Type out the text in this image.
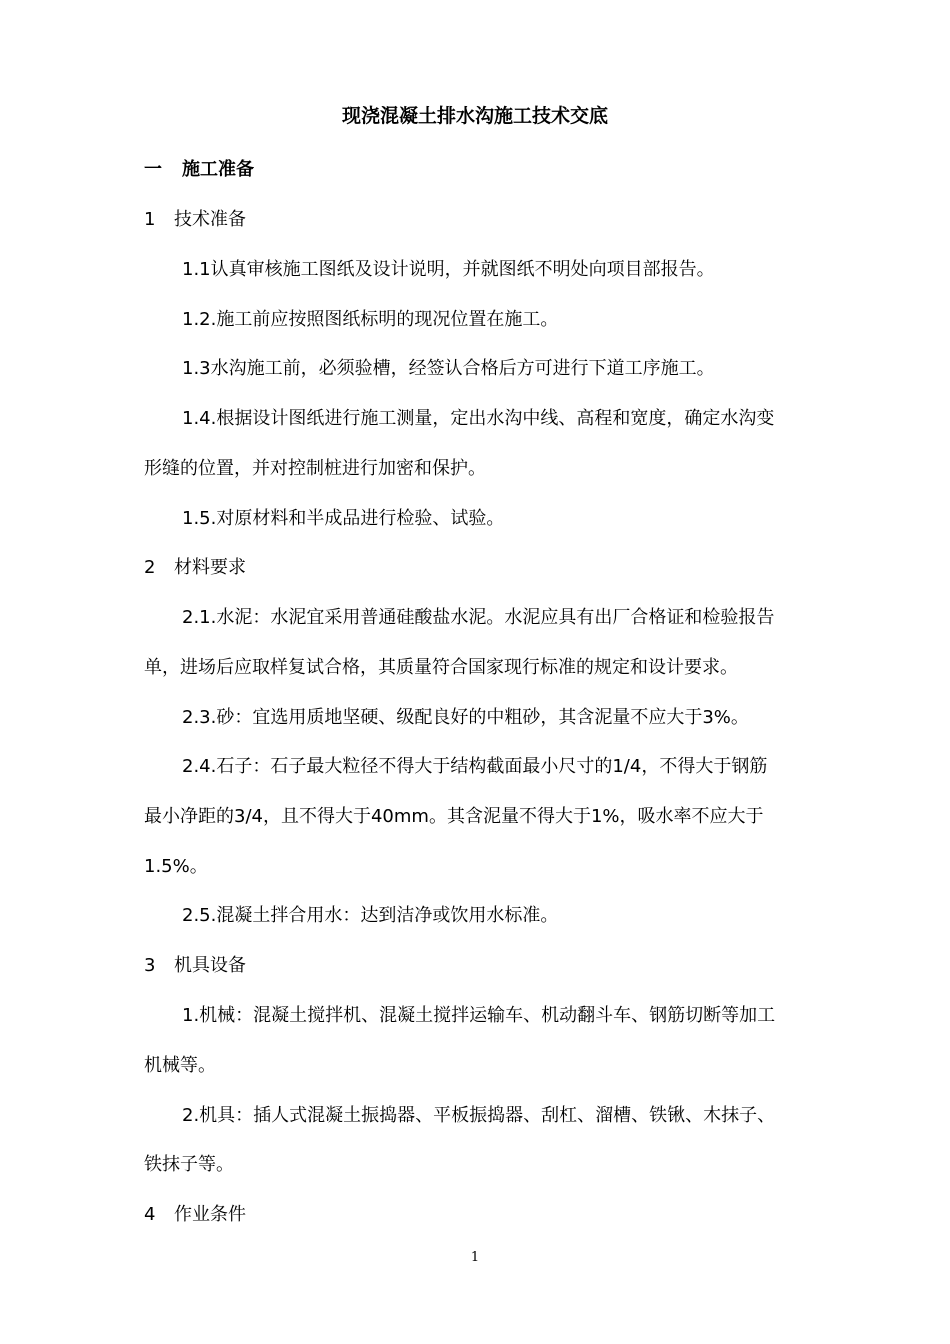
现浇混凝土排水沟施工技术交底
一 施工准备
1 技术准备
1.1认真审核施工图纸及设计说明，并就图纸不明处向项目部报告。
1.2.施工前应按照图纸标明的现况位置在施工。
1.3水沟施工前，必须验槽，经签认合格后方可进行下道工序施工。
1.4.根据设计图纸进行施工测量，定出水沟中线、高程和宽度，确定水沟变
形缝的位置，并对控制桩进行加密和保护。
1.5.对原材料和半成品进行检验、试验。
2 材料要求
2.1.水泥：水泥宜采用普通硅酸盐水泥。水泥应具有出厂合格证和检验报告
单，进场后应取样复试合格，其质量符合国家现行标准的规定和设计要求。
2.3.砂：宜选用质地坚硬、级配良好的中粗砂，其含泥量不应大于3%。
2.4.石子：石子最大粒径不得大于结构截面最小尺寸的1/4，不得大于钢筋
最小净距的3/4，且不得大于40mm。其含泥量不得大于1%，吸水率不应大于
1.5%。
2.5.混凝土拌合用水：达到洁净或饮用水标准。
3 机具设备
1.机械：混凝土搅拌机、混凝土搅拌运输车、机动翻斗车、钢筋切断等加工
机械等。
2.机具：插人式混凝土振捣器、平板振捣器、刮杠、溜槽、铁锹、木抹子、
铁抹子等。
4 作业条件
1
